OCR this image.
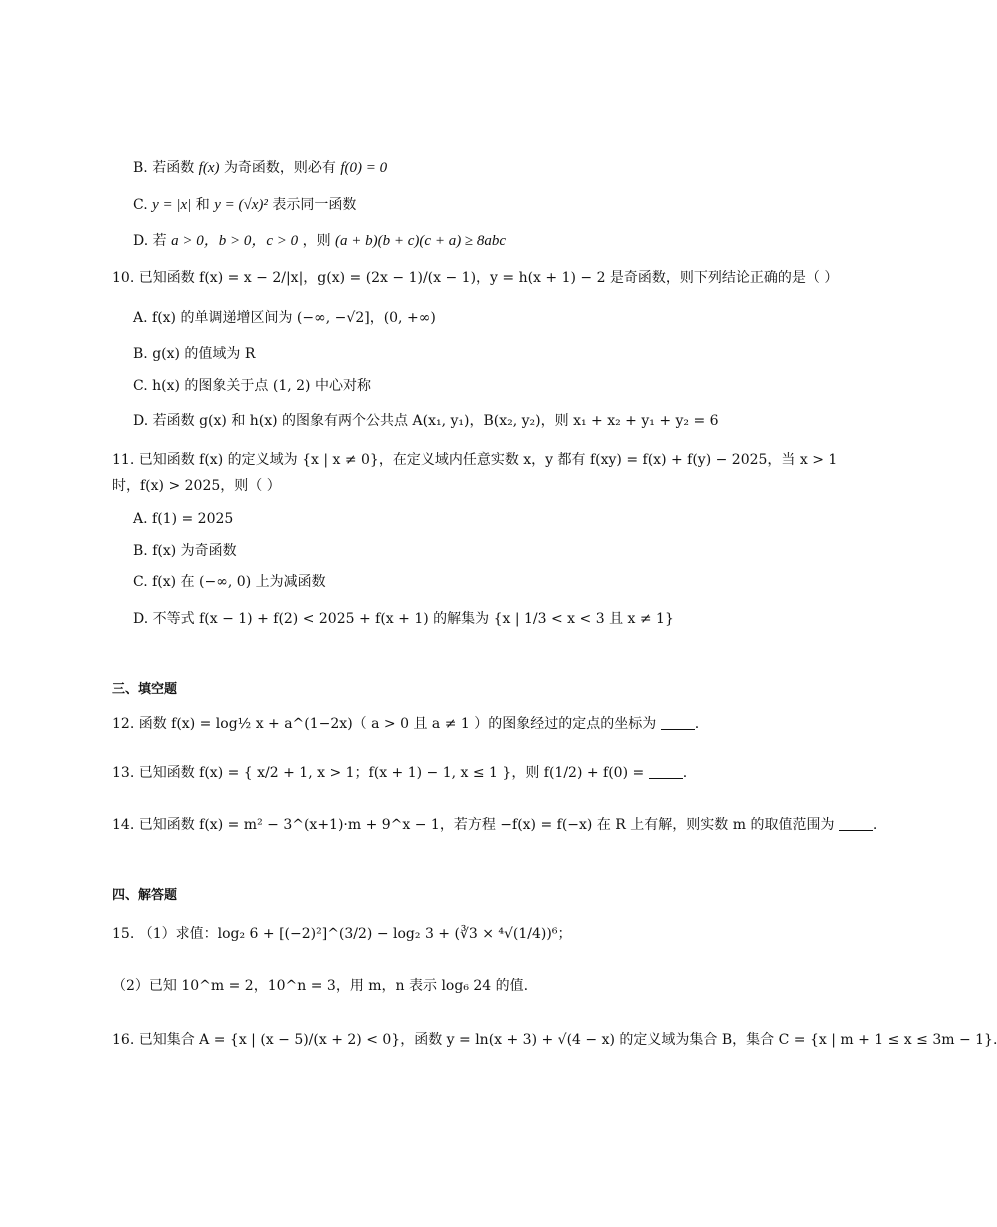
B. 若函数 f(x) 为奇函数，则必有 f(0) = 0
C. y = |x| 和 y = (√x)² 表示同一函数
D. 若 a > 0，b > 0，c > 0 ，则 (a + b)(b + c)(c + a) ≥ 8abc
10. 已知函数 f(x) = x − 2/|x|，g(x) = (2x − 1)/(x − 1)，y = h(x + 1) − 2 是奇函数，则下列结论正确的是（ ）
A. f(x) 的单调递增区间为 (−∞, −√2]，(0, +∞)
B. g(x) 的值域为 R
C. h(x) 的图象关于点 (1, 2) 中心对称
D. 若函数 g(x) 和 h(x) 的图象有两个公共点 A(x₁, y₁)，B(x₂, y₂)，则 x₁ + x₂ + y₁ + y₂ = 6
11. 已知函数 f(x) 的定义域为 {x | x ≠ 0}，在定义域内任意实数 x，y 都有 f(xy) = f(x) + f(y) − 2025，当 x > 1
时，f(x) > 2025，则（ ）
A. f(1) = 2025
B. f(x) 为奇函数
C. f(x) 在 (−∞, 0) 上为减函数
D. 不等式 f(x − 1) + f(2) < 2025 + f(x + 1) 的解集为 {x | 1/3 < x < 3 且 x ≠ 1}
三、填空题
12. 函数 f(x) = log½ x + a^(1−2x)（ a > 0 且 a ≠ 1 ）的图象经过的定点的坐标为	.
13. 已知函数 f(x) = { x/2 + 1, x > 1；f(x + 1) − 1, x ≤ 1 }，则 f(1/2) + f(0) =	.
14. 已知函数 f(x) = m² − 3^(x+1)·m + 9^x − 1，若方程 −f(x) = f(−x) 在 R 上有解，则实数 m 的取值范围为	.
四、解答题
15. （1）求值：log₂ 6 + [(−2)²]^(3/2) − log₂ 3 + (∛3 × ⁴√(1/4))⁶；
（2）已知 10^m = 2，10^n = 3，用 m，n 表示 log₆ 24 的值.
16. 已知集合 A = {x | (x − 5)/(x + 2) < 0}，函数 y = ln(x + 3) + √(4 − x) 的定义域为集合 B，集合 C = {x | m + 1 ≤ x ≤ 3m − 1}.
